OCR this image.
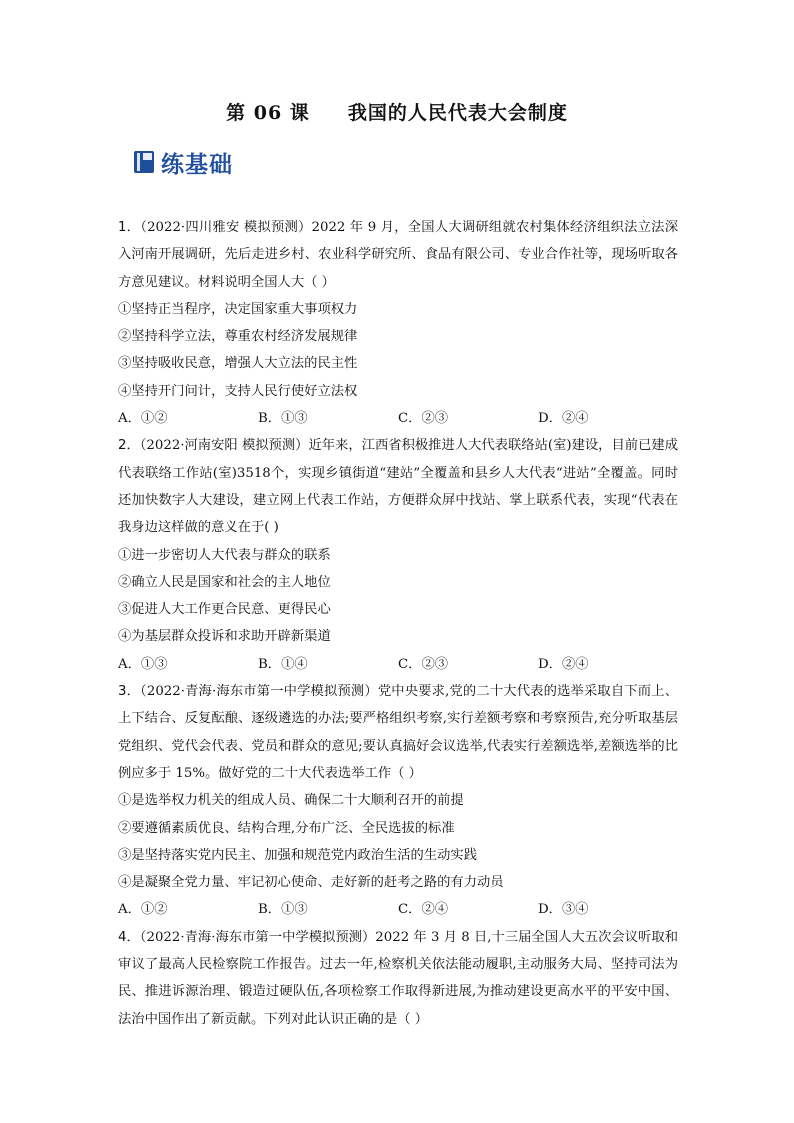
第 06 课     我国的人民代表大会制度
练基础

1．（2022·四川雅安 模拟预测）2022 年 9 月，全国人大调研组就农村集体经济组织法立法深入河南开展调研，先后走进乡村、农业科学研究所、食品有限公司、专业合作社等，现场听取各方意见建议。材料说明全国人大（ ）

①坚持正当程序，决定国家重大事项权力

②坚持科学立法，尊重农村经济发展规律

③坚持吸收民意，增强人大立法的民主性

④坚持开门问计，支持人民行使好立法权

A．①②	B．①③	C．②③	D．②④

2．（2022·河南安阳 模拟预测）近年来，江西省积极推进人大代表联络站(室)建设，目前已建成代表联络工作站(室)3518个，实现乡镇街道“建站”全覆盖和县乡人大代表“进站”全覆盖。同时还加快数字人大建设，建立网上代表工作站，方便群众屏中找站、掌上联系代表，实现“代表在我身边这样做的意义在于( )

①进一步密切人大代表与群众的联系

②确立人民是国家和社会的主人地位

③促进人大工作更合民意、更得民心

④为基层群众投诉和求助开辟新渠道

A．①③	B．①④	C．②③	D．②④

3．（2022·青海·海东市第一中学模拟预测）党中央要求,党的二十大代表的选举采取自下而上、上下结合、反复酝酿、逐级遴选的办法;要严格组织考察,实行差额考察和考察预告,充分听取基层党组织、党代会代表、党员和群众的意见;要认真搞好会议选举,代表实行差额选举,差额选举的比例应多于 15%。做好党的二十大代表选举工作（ ）

①是选举权力机关的组成人员、确保二十大顺利召开的前提

②要遵循素质优良、结构合理,分布广泛、全民选拔的标准

③是坚持落实党内民主、加强和规范党内政治生活的生动实践

④是凝聚全党力量、牢记初心使命、走好新的赶考之路的有力动员

A．①②	B．①③	C．②④	D．③④

4．（2022·青海·海东市第一中学模拟预测）2022 年 3 月 8 日,十三届全国人大五次会议听取和审议了最高人民检察院工作报告。过去一年,检察机关依法能动履职,主动服务大局、坚持司法为民、推进诉源治理、锻造过硬队伍,各项检察工作取得新进展,为推动建设更高水平的平安中国、法治中国作出了新贡献。下列对此认识正确的是（ ）
